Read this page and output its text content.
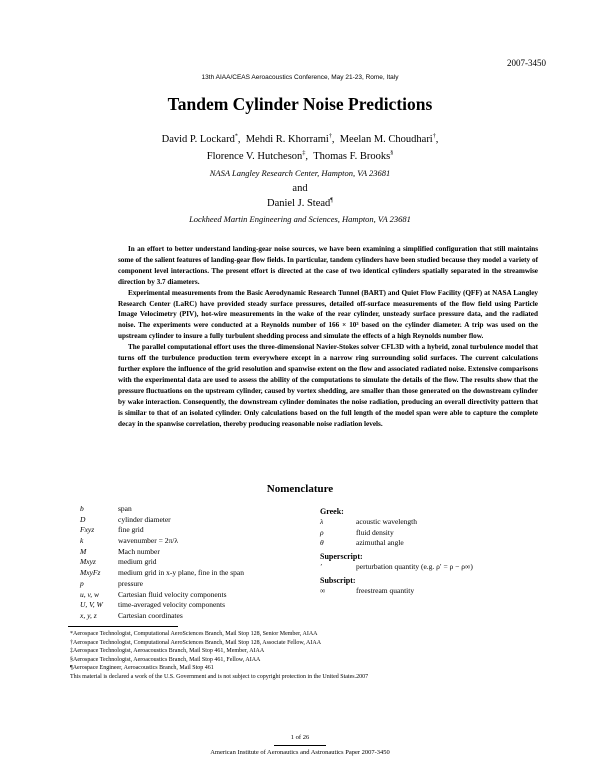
2007-3450
13th AIAA/CEAS Aeroacoustics Conference, May 21-23, Rome, Italy
Tandem Cylinder Noise Predictions
David P. Lockard*,  Mehdi R. Khorrami†,  Meelan M. Choudhari†,
Florence V. Hutcheson‡,  Thomas F. Brooks§
NASA Langley Research Center, Hampton, VA 23681
and
Daniel J. Stead¶
Lockheed Martin Engineering and Sciences, Hampton, VA 23681

In an effort to better understand landing-gear noise sources, we have been examining a simplified configuration that still maintains some of the salient features of landing-gear flow fields. In particular, tandem cylinders have been studied because they model a variety of component level interactions. The present effort is directed at the case of two identical cylinders spatially separated in the streamwise direction by 3.7 diameters.

Experimental measurements from the Basic Aerodynamic Research Tunnel (BART) and Quiet Flow Facility (QFF) at NASA Langley Research Center (LaRC) have provided steady surface pressures, detailed off-surface measurements of the flow field using Particle Image Velocimetry (PIV), hot-wire measurements in the wake of the rear cylinder, unsteady surface pressure data, and the radiated noise. The experiments were conducted at a Reynolds number of 166 × 10³ based on the cylinder diameter. A trip was used on the upstream cylinder to insure a fully turbulent shedding process and simulate the effects of a high Reynolds number flow.

The parallel computational effort uses the three-dimensional Navier-Stokes solver CFL3D with a hybrid, zonal turbulence model that turns off the turbulence production term everywhere except in a narrow ring surrounding solid surfaces. The current calculations further explore the influence of the grid resolution and spanwise extent on the flow and associated radiated noise. Extensive comparisons with the experimental data are used to assess the ability of the computations to simulate the details of the flow. The results show that the pressure fluctuations on the upstream cylinder, caused by vortex shedding, are smaller than those generated on the downstream cylinder by wake interaction. Consequently, the downstream cylinder dominates the noise radiation, producing an overall directivity pattern that is similar to that of an isolated cylinder. Only calculations based on the full length of the model span were able to capture the complete decay in the spanwise correlation, thereby producing reasonable noise radiation levels.

Nomenclature
b	span
D	cylinder diameter
Fxyz	fine grid
k	wavenumber = 2π/λ
M	Mach number
Mxyz	medium grid
MxyFz	medium grid in x-y plane, fine in the span
p	pressure
u, v, w	Cartesian fluid velocity components
U, V, W	time-averaged velocity components
x, y, z	Cartesian coordinates
Greek:
λ	acoustic wavelength
ρ	fluid density
θ	azimuthal angle
Superscript:
′	perturbation quantity (e.g. ρ′ = ρ − ρ∞)
Subscript:
∞	freestream quantity
*Aerospace Technologist, Computational AeroSciences Branch, Mail Stop 128, Senior Member, AIAA
†Aerospace Technologist, Computational AeroSciences Branch, Mail Stop 128, Associate Fellow, AIAA
‡Aerospace Technologist, Aeroacoustics Branch, Mail Stop 461, Member, AIAA
§Aerospace Technologist, Aeroacoustics Branch, Mail Stop 461, Fellow, AIAA
¶Aerospace Engineer, Aeroacoustics Branch, Mail Stop 461
This material is declared a work of the U.S. Government and is not subject to copyright protection in the United States.2007
1 of 26
American Institute of Aeronautics and Astronautics Paper 2007-3450
